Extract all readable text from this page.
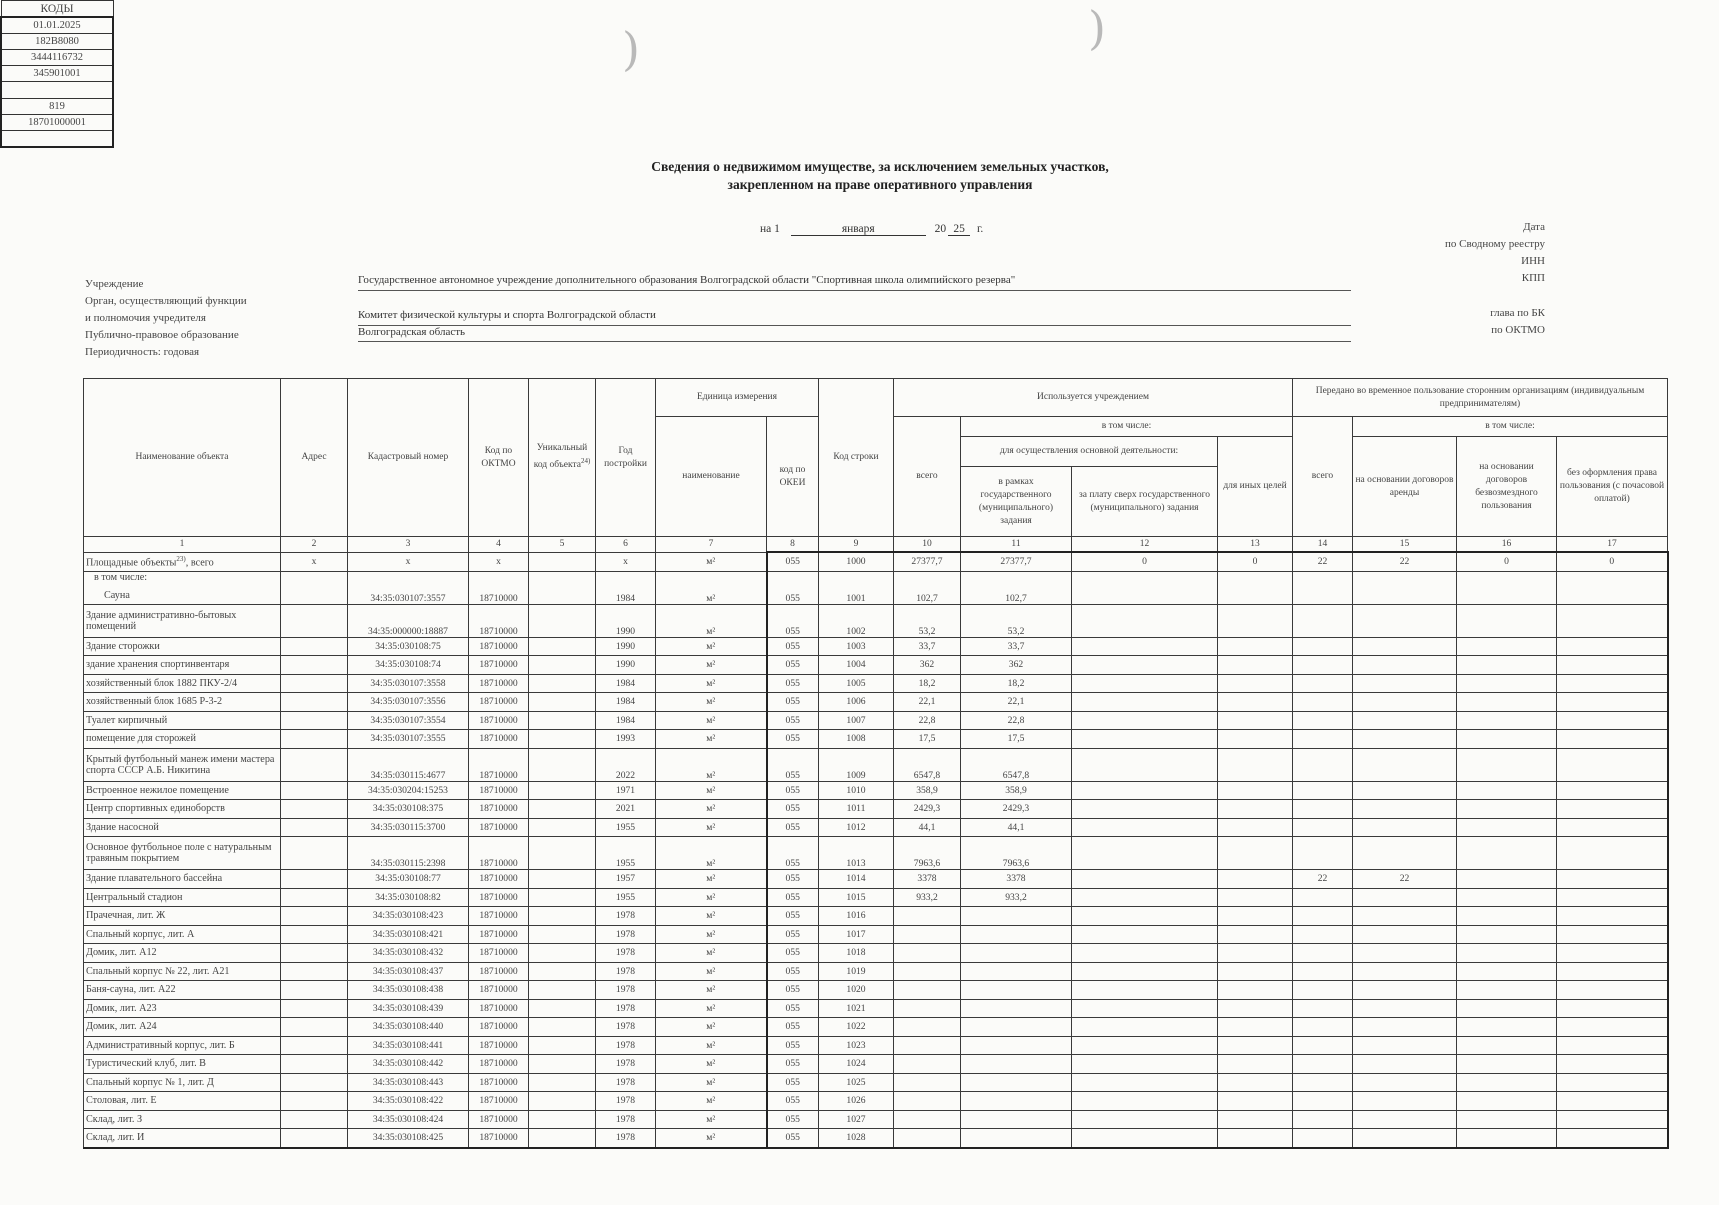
)	)
Сведения о недвижимом имуществе, за исключением земельных участков,
закрепленном на праве оперативного управления
на 1	января	20 25 г.
Учреждение
Орган, осуществляющий функции
и полномочия учредителя
Публично-правовое образование
Периодичность: годовая
Государственное автономное учреждение дополнительного образования Волгоградской области "Спортивная школа олимпийского резерва"
Комитет физической культуры и спорта Волгоградской области
Волгоградская область
Дата
по Сводному реестру
ИНН
КПП
глава по БК
по ОКТМО
КОДЫ
01.01.2025
182В8080
3444116732
345901001

819
18701000001

Наименование объекта	Адрес	Кадастровый номер	Код по ОКТМО	Уникальный код объекта$^{24)}$	Год постройки	Единица измерения		Код строки	Используется учреждением				Передано во временное пользование сторонним организациям (индивидуальным предпринимателям)			
						наименование	код по ОКЕИ		всего	в том числе:			всего	в том числе:		
										для осуществления основной деятельности:		для иных целей		на основании договоров аренды	на основании договоров безвозмездного пользования	без оформления права пользования (с почасовой оплатой)
										в рамках государственного (муниципального) задания	за плату сверх государственного (муниципального) задания					
1	2	3	4	5	6	7	8	9	10	11	12	13	14	15	16	17
Площадные объекты$^{23)}$, всего	х	х	х		х	м²	055	1000	27377,7	27377,7	0	0	22	22	0	0

в том числе:
Сауна		34:35:030107:3557	18710000		1984	м²	055	1001	102,7	102,7						
Здание административно-бытовых помещений		34:35:000000:18887	18710000		1990	м²	055	1002	53,2	53,2						
Здание сторожки		34:35:030108:75	18710000		1990	м²	055	1003	33,7	33,7						
здание хранения спортинвентаря		34:35:030108:74	18710000		1990	м²	055	1004	362	362						
хозяйственный блок 1882 ПКУ-2/4		34:35:030107:3558	18710000		1984	м²	055	1005	18,2	18,2						
хозяйственный блок 1685 Р-3-2		34:35:030107:3556	18710000		1984	м²	055	1006	22,1	22,1						
Туалет кирпичный		34:35:030107:3554	18710000		1984	м²	055	1007	22,8	22,8						
помещение для сторожей		34:35:030107:3555	18710000		1993	м²	055	1008	17,5	17,5						
Крытый футбольный манеж имени мастера спорта СССР А.Б. Никитина		34:35:030115:4677	18710000		2022	м²	055	1009	6547,8	6547,8						
Встроенное нежилое помещение		34:35:030204:15253	18710000		1971	м²	055	1010	358,9	358,9						
Центр спортивных единоборств		34:35:030108:375	18710000		2021	м²	055	1011	2429,3	2429,3						
Здание насосной		34:35:030115:3700	18710000		1955	м²	055	1012	44,1	44,1						
Основное футбольное поле с натуральным травяным покрытием		34:35:030115:2398	18710000		1955	м²	055	1013	7963,6	7963,6						
Здание плавательного бассейна		34:35:030108:77	18710000		1957	м²	055	1014	3378	3378			22	22		
Центральный стадион		34:35:030108:82	18710000		1955	м²	055	1015	933,2	933,2						
Прачечная, лит. Ж		34:35:030108:423	18710000		1978	м²	055	1016								
Спальный корпус, лит. А		34:35:030108:421	18710000		1978	м²	055	1017								
Домик, лит. А12		34:35:030108:432	18710000		1978	м²	055	1018								
Спальный корпус № 22, лит. А21		34:35:030108:437	18710000		1978	м²	055	1019								
Баня-сауна, лит. А22		34:35:030108:438	18710000		1978	м²	055	1020								
Домик, лит. А23		34:35:030108:439	18710000		1978	м²	055	1021								
Домик, лит. А24		34:35:030108:440	18710000		1978	м²	055	1022								
Административный корпус, лит. Б		34:35:030108:441	18710000		1978	м²	055	1023								
Туристический клуб, лит. В		34:35:030108:442	18710000		1978	м²	055	1024								
Спальный корпус № 1, лит. Д		34:35:030108:443	18710000		1978	м²	055	1025								
Столовая, лит. Е		34:35:030108:422	18710000		1978	м²	055	1026								
Склад, лит. З		34:35:030108:424	18710000		1978	м²	055	1027								
Склад, лит. И		34:35:030108:425	18710000		1978	м²	055	1028								
